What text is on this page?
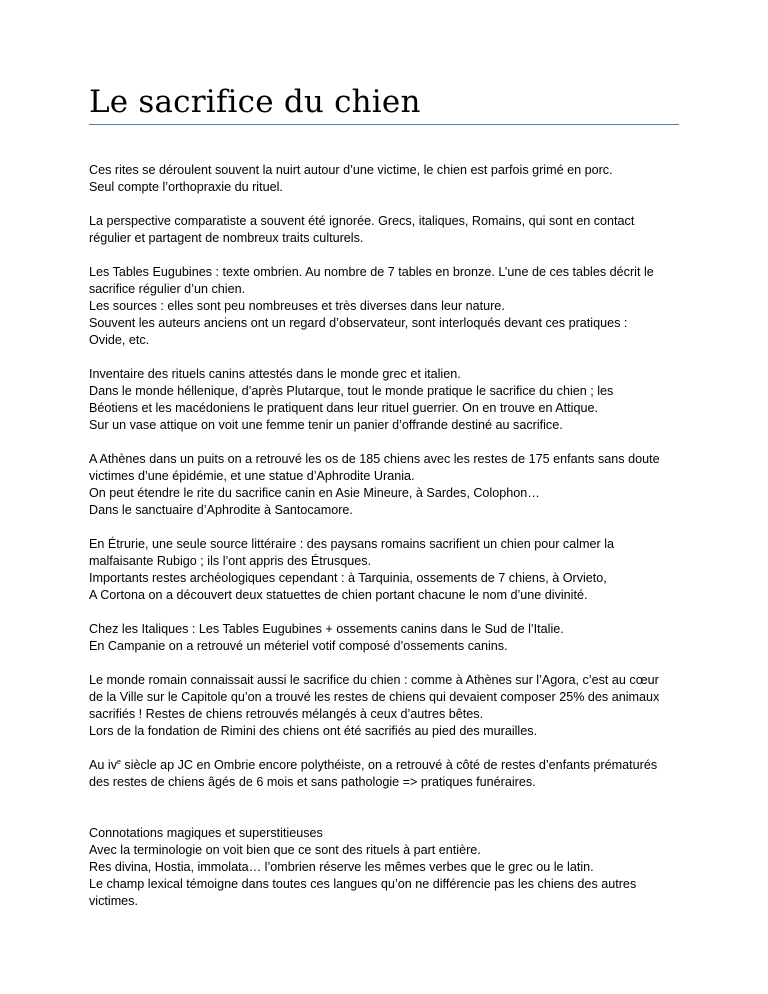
Le sacrifice du chien

Ces rites se déroulent souvent la nuirt autour d’une victime, le chien est parfois grimé en porc.
Seul compte l’orthopraxie du rituel.

La perspective comparatiste a souvent été ignorée. Grecs, italiques, Romains, qui sont en contact
régulier et partagent de nombreux traits culturels.

Les Tables Eugubines : texte ombrien. Au nombre de 7 tables en bronze. L’une de ces tables décrit le
sacrifice régulier d’un chien.
Les sources : elles sont peu nombreuses et très diverses dans leur nature.
Souvent les auteurs anciens ont un regard d’observateur, sont interloqués devant ces pratiques :
Ovide, etc.

Inventaire des rituels canins attestés dans le monde grec et italien.
Dans le monde héllenique, d’après Plutarque, tout le monde pratique le sacrifice du chien ; les
Béotiens et les macédoniens le pratiquent dans leur rituel guerrier. On en trouve en Attique.
Sur un vase attique on voit une femme tenir un panier d’offrande destiné au sacrifice.

A Athènes dans un puits on a retrouvé les os de 185 chiens avec les restes de 175 enfants sans doute
victimes d’une épidémie, et une statue d’Aphrodite Urania.
On peut étendre le rite du sacrifice canin en Asie Mineure, à Sardes, Colophon…
Dans le sanctuaire d’Aphrodite à Santocamore.

En Étrurie, une seule source littéraire : des paysans romains sacrifient un chien pour calmer la
malfaisante Rubigo ; ils l’ont appris des Étrusques.
Importants restes archéologiques cependant : à Tarquinia, ossements de 7 chiens, à Orvieto,
A Cortona on a découvert deux statuettes de chien portant chacune le nom d’une divinité.

Chez les Italiques : Les Tables Eugubines + ossements canins dans le Sud de l’Italie.
En Campanie on a retrouvé un méteriel votif composé d’ossements canins.

Le monde romain connaissait aussi le sacrifice du chien : comme à Athènes sur l’Agora, c’est au cœur
de la Ville sur le Capitole qu’on a trouvé les restes de chiens qui devaient composer 25% des animaux
sacrifiés ! Restes de chiens retrouvés mélangés à ceux d’autres bêtes.
Lors de la fondation de Rimini des chiens ont été sacrifiés au pied des murailles.

Au $iv^e$ siècle ap JC en Ombrie encore polythéiste, on a retrouvé à côté de restes d’enfants prématurés
des restes de chiens âgés de 6 mois et sans pathologie => pratiques funéraires.

Connotations magiques et superstitieuses
Avec la terminologie on voit bien que ce sont des rituels à part entière.
Res divina, Hostia, immolata… l’ombrien réserve les mêmes verbes que le grec ou le latin.
Le champ lexical témoigne dans toutes ces langues qu’on ne différencie pas les chiens des autres
victimes.
